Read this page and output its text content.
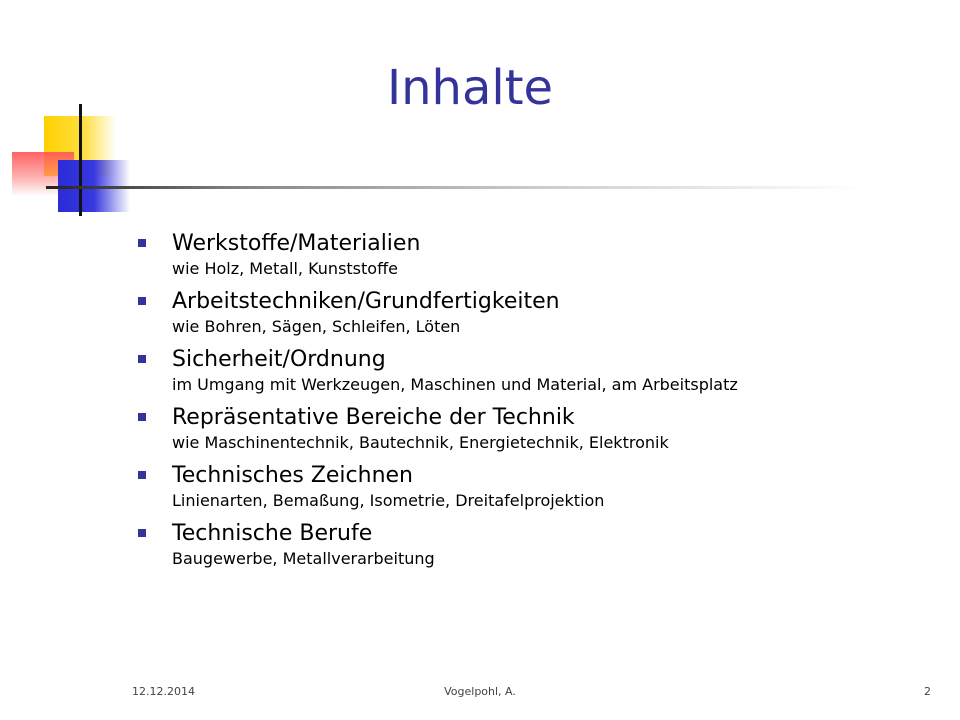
Inhalte
Werkstoffe/Materialien
wie Holz, Metall, Kunststoffe
Arbeitstechniken/Grundfertigkeiten
wie Bohren, Sägen, Schleifen, Löten
Sicherheit/Ordnung
im Umgang mit Werkzeugen, Maschinen und Material, am Arbeitsplatz
Repräsentative Bereiche der Technik
wie Maschinentechnik, Bautechnik, Energietechnik, Elektronik
Technisches Zeichnen
Linienarten, Bemaßung, Isometrie, Dreitafelprojektion
Technische Berufe
Baugewerbe, Metallverarbeitung
12.12.2014	Vogelpohl, A.	2
